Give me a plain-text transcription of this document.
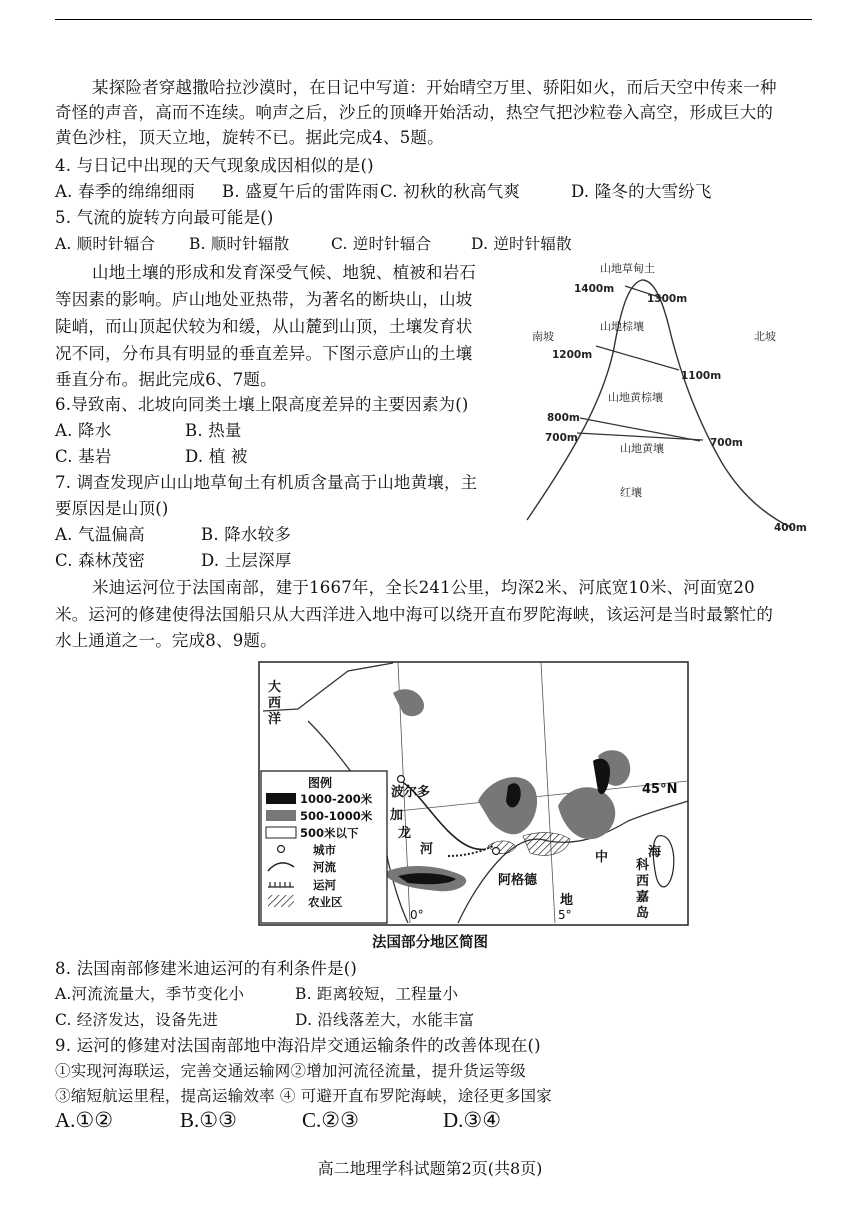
某探险者穿越撒哈拉沙漠时，在日记中写道：开始晴空万里、骄阳如火，而后天空中传来一种
奇怪的声音，高而不连续。响声之后，沙丘的顶峰开始活动，热空气把沙粒卷入高空，形成巨大的
黄色沙柱，顶天立地，旋转不已。据此完成4、5题。
4. 与日记中出现的天气现象成因相似的是()
A. 春季的绵绵细雨 B. 盛夏午后的雷阵雨 C. 初秋的秋高气爽	D. 隆冬的大雪纷飞
5. 气流的旋转方向最可能是()
A. 顺时针辐合 B. 顺时针辐散	C. 逆时针辐合	D. 逆时针辐散
山地土壤的形成和发育深受气候、地貌、植被和岩石
等因素的影响。庐山地处亚热带，为著名的断块山，山坡
陡峭，而山顶起伏较为和缓，从山麓到山顶，土壤发育状
况不同，分布具有明显的垂直差异。下图示意庐山的土壤
垂直分布。据此完成6、7题。
6.导致南、北坡向同类土壤上限高度差异的主要因素为()
A. 降水	B. 热量
C. 基岩	D. 植 被
7. 调查发现庐山山地草甸土有机质含量高于山地黄壤，主
要原因是山顶()
A. 气温偏高	B. 降水较多
C. 森林茂密	D. 土层深厚
山地草甸土
山地棕壤
山地黄棕壤
山地黄壤
红壤
南坡	北坡
1400m
1200m
800m
700m
1300m
1100m
700m
400m
米迪运河位于法国南部，建于1667年，全长241公里，均深2米、河底宽10米、河面宽20
米。运河的修建使得法国船只从大西洋进入地中海可以绕开直布罗陀海峡，该运河是当时最繁忙的
水上通道之一。完成8、9题。
大
西
洋
波尔多
加
龙
河
阿格德
海
中
地
科
西
嘉
岛
45°N
0°	5°
图例
1000-200米
500-1000米
500米以下
城市
河流
运河
农业区
法国部分地区简图
8. 法国南部修建米迪运河的有利条件是()
A.河流流量大，季节变化小	B. 距离较短，工程量小
C. 经济发达，设备先进	D. 沿线落差大，水能丰富
9. 运河的修建对法国南部地中海沿岸交通运输条件的改善体现在()
①实现河海联运，完善交通运输网②增加河流径流量，提升货运等级
③缩短航运里程，提高运输效率 ④ 可避开直布罗陀海峡，途径更多国家
A.①②	B.①③	C.②③	D.③④
高二地理学科试题第2页(共8页)
